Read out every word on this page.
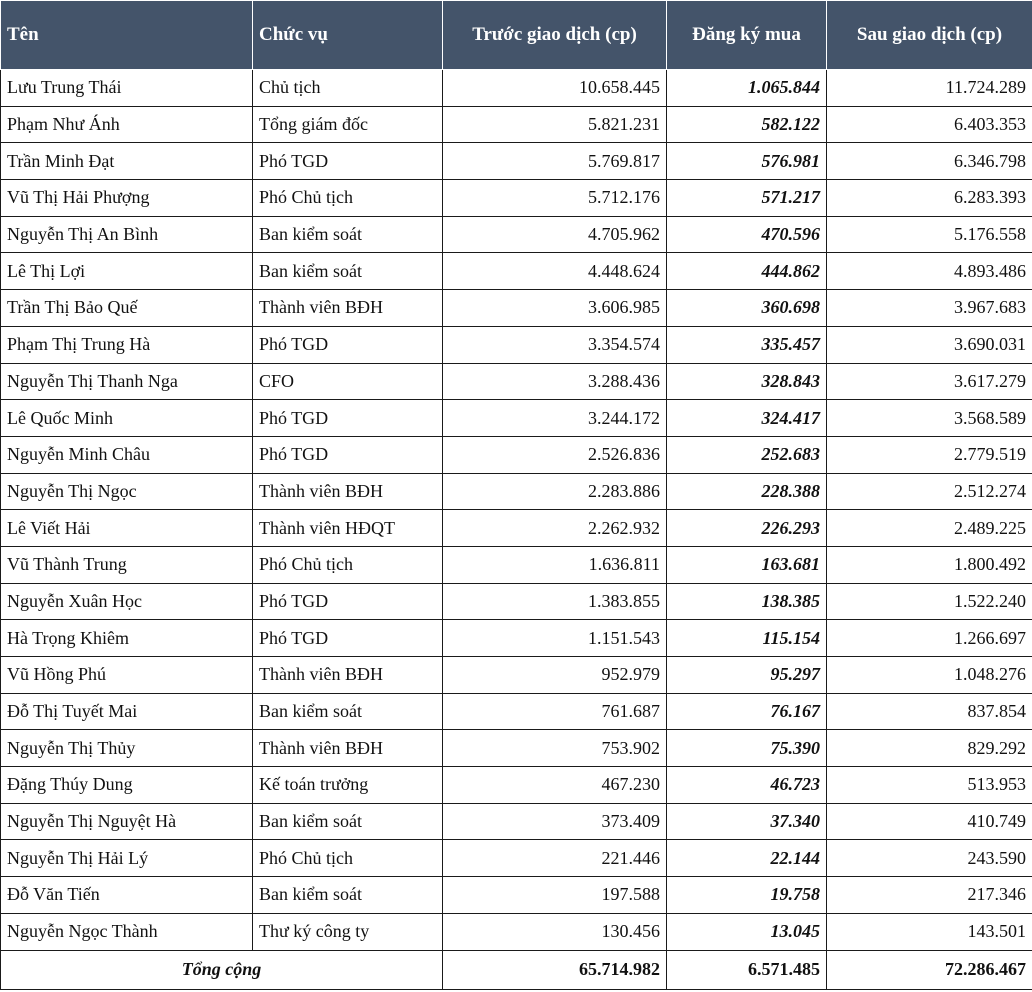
Tên	Chức vụ	Trước giao dịch (cp)	Đăng ký mua	Sau giao dịch (cp)
Lưu Trung Thái	Chủ tịch	10.658.445	1.065.844	11.724.289
Phạm Như Ánh	Tổng giám đốc	5.821.231	582.122	6.403.353
Trần Minh Đạt	Phó TGD	5.769.817	576.981	6.346.798
Vũ Thị Hải Phượng	Phó Chủ tịch	5.712.176	571.217	6.283.393
Nguyễn Thị An Bình	Ban kiểm soát	4.705.962	470.596	5.176.558
Lê Thị Lợi	Ban kiểm soát	4.448.624	444.862	4.893.486
Trần Thị Bảo Quế	Thành viên BĐH	3.606.985	360.698	3.967.683
Phạm Thị Trung Hà	Phó TGD	3.354.574	335.457	3.690.031
Nguyễn Thị Thanh Nga	CFO	3.288.436	328.843	3.617.279
Lê Quốc Minh	Phó TGD	3.244.172	324.417	3.568.589
Nguyễn Minh Châu	Phó TGD	2.526.836	252.683	2.779.519
Nguyễn Thị Ngọc	Thành viên BĐH	2.283.886	228.388	2.512.274
Lê Viết Hải	Thành viên HĐQT	2.262.932	226.293	2.489.225
Vũ Thành Trung	Phó Chủ tịch	1.636.811	163.681	1.800.492
Nguyễn Xuân Học	Phó TGD	1.383.855	138.385	1.522.240
Hà Trọng Khiêm	Phó TGD	1.151.543	115.154	1.266.697
Vũ Hồng Phú	Thành viên BĐH	952.979	95.297	1.048.276
Đỗ Thị Tuyết Mai	Ban kiểm soát	761.687	76.167	837.854
Nguyễn Thị Thủy	Thành viên BĐH	753.902	75.390	829.292
Đặng Thúy Dung	Kế toán trưởng	467.230	46.723	513.953
Nguyễn Thị Nguyệt Hà	Ban kiểm soát	373.409	37.340	410.749
Nguyễn Thị Hải Lý	Phó Chủ tịch	221.446	22.144	243.590
Đỗ Văn Tiến	Ban kiểm soát	197.588	19.758	217.346
Nguyễn Ngọc Thành	Thư ký công ty	130.456	13.045	143.501
Tổng cộng		65.714.982	6.571.485	72.286.467
